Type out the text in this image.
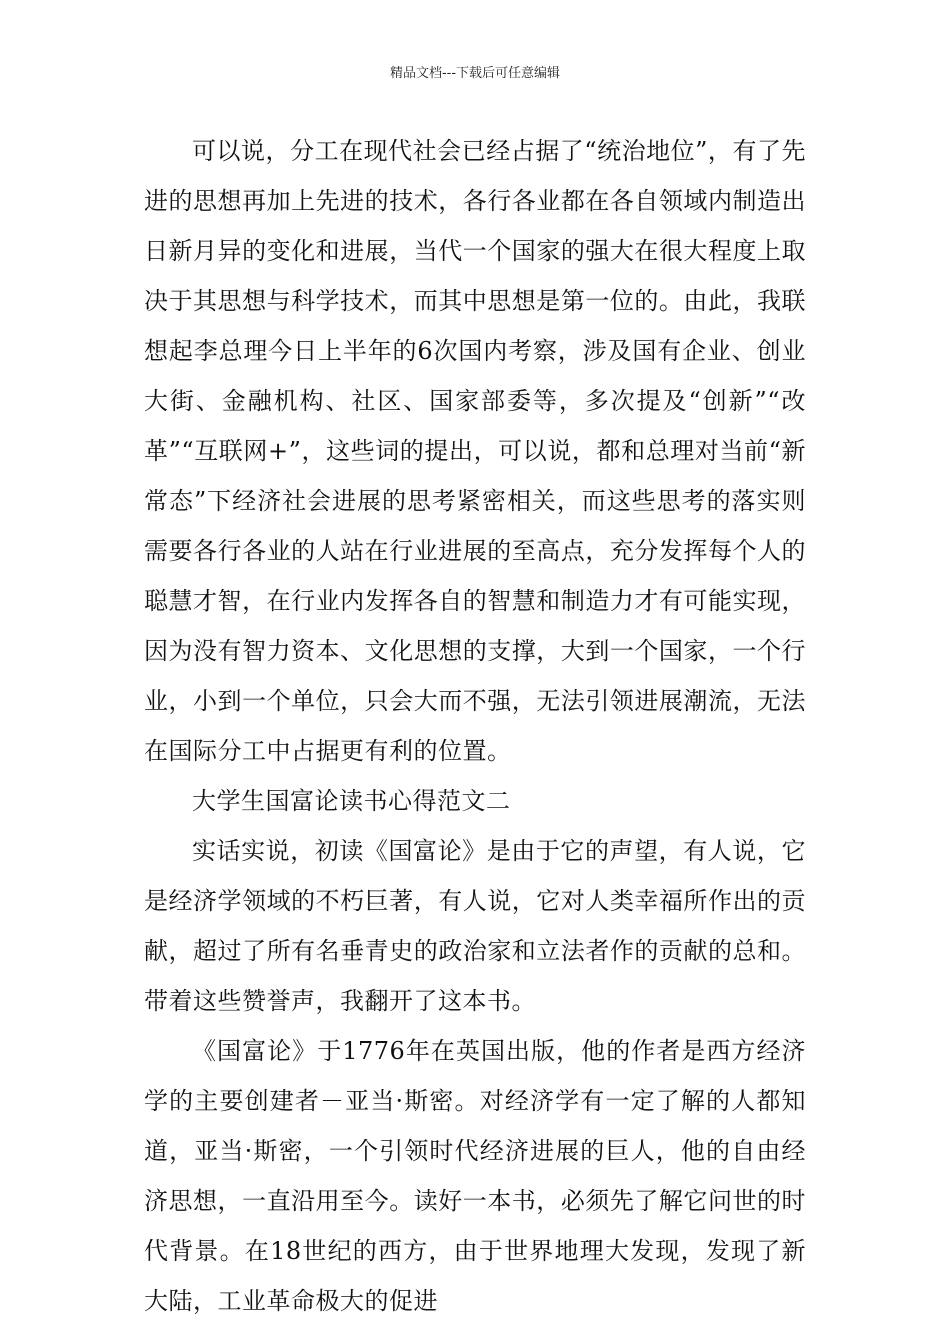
精品文档---下载后可任意编辑

可以说，分工在现代社会已经占据了“统治地位”，有了先进的思想再加上先进的技术，各行各业都在各自领域内制造出日新月异的变化和进展，当代一个国家的强大在很大程度上取决于其思想与科学技术，而其中思想是第一位的。由此，我联想起李总理今日上半年的6次国内考察，涉及国有企业、创业大街、金融机构、社区、国家部委等，多次提及“创新”“改革”“互联网+”，这些词的提出，可以说，都和总理对当前“新常态”下经济社会进展的思考紧密相关，而这些思考的落实则需要各行各业的人站在行业进展的至高点，充分发挥每个人的聪慧才智，在行业内发挥各自的智慧和制造力才有可能实现，因为没有智力资本、文化思想的支撑，大到一个国家，一个行业，小到一个单位，只会大而不强，无法引领进展潮流，无法在国际分工中占据更有利的位置。

大学生国富论读书心得范文二

实话实说，初读《国富论》是由于它的声望，有人说，它是经济学领域的不朽巨著，有人说，它对人类幸福所作出的贡献，超过了所有名垂青史的政治家和立法者作的贡献的总和。带着这些赞誉声，我翻开了这本书。

《国富论》于1776年在英国出版，他的作者是西方经济学的主要创建者－亚当·斯密。对经济学有一定了解的人都知道，亚当·斯密，一个引领时代经济进展的巨人，他的自由经济思想，一直沿用至今。读好一本书，必须先了解它问世的时代背景。在18世纪的西方，由于世界地理大发现，发现了新大陆，工业革命极大的促进
